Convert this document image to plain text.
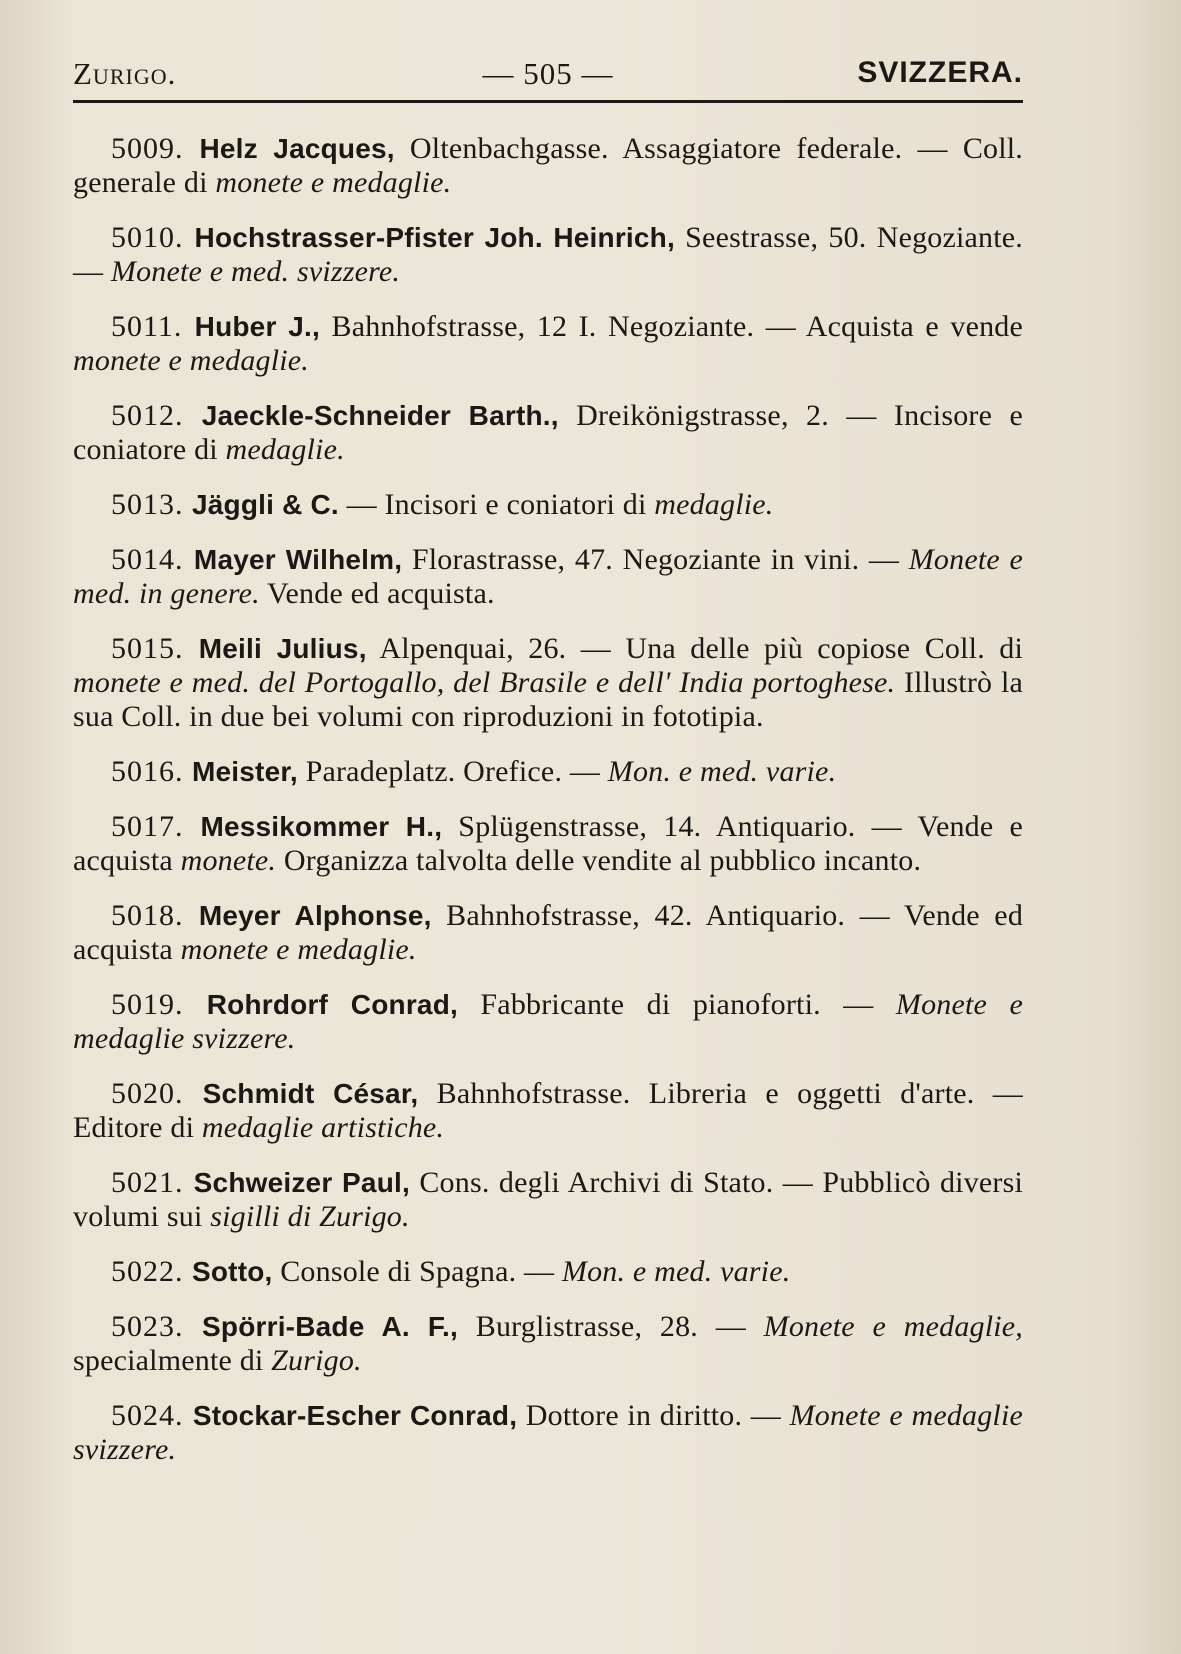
Zurigo.	— 505 —	SVIZZERA.

5009. Helz Jacques, Oltenbachgasse. Assaggiatore federale. — Coll. generale di monete e medaglie.

5010. Hochstrasser-Pfister Joh. Heinrich, Seestrasse, 50. Negoziante. — Monete e med. svizzere.

5011. Huber J., Bahnhofstrasse, 12 I. Negoziante. — Acquista e vende monete e medaglie.

5012. Jaeckle-Schneider Barth., Dreikönigstrasse, 2. — Incisore e coniatore di medaglie.

5013. Jäggli & C. — Incisori e coniatori di medaglie.

5014. Mayer Wilhelm, Florastrasse, 47. Negoziante in vini. — Monete e med. in genere. Vende ed acquista.

5015. Meili Julius, Alpenquai, 26. — Una delle più copiose Coll. di monete e med. del Portogallo, del Brasile e dell' India portoghese. Illustrò la sua Coll. in due bei volumi con riproduzioni in fototipia.

5016. Meister, Paradeplatz. Orefice. — Mon. e med. varie.

5017. Messikommer H., Splügenstrasse, 14. Antiquario. — Vende e acquista monete. Organizza talvolta delle vendite al pubblico incanto.

5018. Meyer Alphonse, Bahnhofstrasse, 42. Antiquario. — Vende ed acquista monete e medaglie.

5019. Rohrdorf Conrad, Fabbricante di pianoforti. — Monete e medaglie svizzere.

5020. Schmidt César, Bahnhofstrasse. Libreria e oggetti d'arte. — Editore di medaglie artistiche.

5021. Schweizer Paul, Cons. degli Archivi di Stato. — Pubblicò diversi volumi sui sigilli di Zurigo.

5022. Sotto, Console di Spagna. — Mon. e med. varie.

5023. Spörri-Bade A. F., Burglistrasse, 28. — Monete e medaglie, specialmente di Zurigo.

5024. Stockar-Escher Conrad, Dottore in diritto. — Monete e medaglie svizzere.
